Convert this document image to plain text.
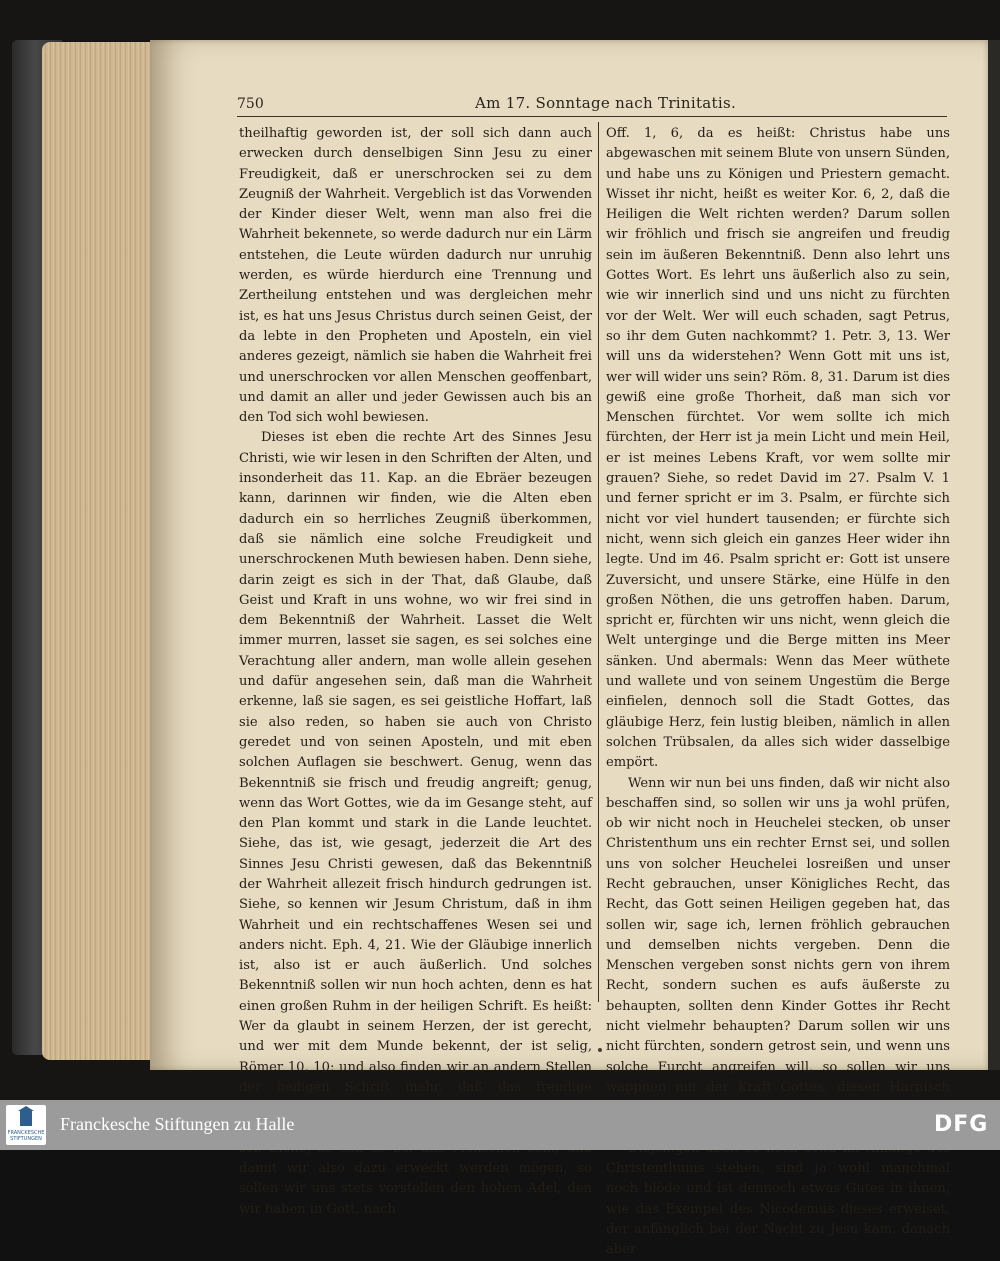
750	Am 17. Sonntage nach Trinitatis.

theilhaftig geworden ist, der soll sich dann auch erwecken durch denselbigen Sinn Jesu zu einer Freudigkeit, daß er unerschrocken sei zu dem Zeugniß der Wahrheit. Vergeblich ist das Vorwenden der Kinder dieser Welt, wenn man also frei die Wahrheit bekennete, so werde dadurch nur ein Lärm entstehen, die Leute würden dadurch nur unruhig werden, es würde hierdurch eine Trennung und Zertheilung entstehen und was dergleichen mehr ist, es hat uns Jesus Christus durch seinen Geist, der da lebte in den Propheten und Aposteln, ein viel anderes gezeigt, nämlich sie haben die Wahrheit frei und unerschrocken vor allen Menschen geoffenbart, und damit an aller und jeder Gewissen auch bis an den Tod sich wohl bewiesen.

Dieses ist eben die rechte Art des Sinnes Jesu Christi, wie wir lesen in den Schriften der Alten, und insonderheit das 11. Kap. an die Ebräer bezeugen kann, darinnen wir finden, wie die Alten eben dadurch ein so herrliches Zeugniß überkommen, daß sie nämlich eine solche Freudigkeit und unerschrockenen Muth bewiesen haben. Denn siehe, darin zeigt es sich in der That, daß Glaube, daß Geist und Kraft in uns wohne, wo wir frei sind in dem Bekenntniß der Wahrheit. Lasset die Welt immer murren, lasset sie sagen, es sei solches eine Verachtung aller andern, man wolle allein gesehen und dafür angesehen sein, daß man die Wahrheit erkenne, laß sie sagen, es sei geistliche Hoffart, laß sie also reden, so haben sie auch von Christo geredet und von seinen Aposteln, und mit eben solchen Auflagen sie beschwert. Genug, wenn das Bekenntniß sie frisch und freudig angreift; genug, wenn das Wort Gottes, wie da im Gesange steht, auf den Plan kommt und stark in die Lande leuchtet. Siehe, das ist, wie gesagt, jederzeit die Art des Sinnes Jesu Christi gewesen, daß das Bekenntniß der Wahrheit allezeit frisch hindurch gedrungen ist. Siehe, so kennen wir Jesum Christum, daß in ihm Wahrheit und ein rechtschaffenes Wesen sei und anders nicht. Eph. 4, 21. Wie der Gläubige innerlich ist, also ist er auch äußerlich. Und solches Bekenntniß sollen wir nun hoch achten, denn es hat einen großen Ruhm in der heiligen Schrift. Es heißt: Wer da glaubt in seinem Herzen, der ist gerecht, und wer mit dem Munde bekennt, der ist selig, Römer 10, 10; und also finden wir an andern Stellen der heiligen Schrift mehr, daß das freudige damit wir also dazu erweckt werden mögen, so sollen wir uns stets vorstellen den hohen Adel, den wir haben in Gott, nach

Off. 1, 6, da es heißt: Christus habe uns abgewaschen mit seinem Blute von unsern Sünden, und habe uns zu Königen und Priestern gemacht. Wisset ihr nicht, heißt es weiter Kor. 6, 2, daß die Heiligen die Welt richten werden? Darum sollen wir fröhlich und frisch sie angreifen und freudig sein im äußeren Bekenntniß. Denn also lehrt uns Gottes Wort. Es lehrt uns äußerlich also zu sein, wie wir innerlich sind und uns nicht zu fürchten vor der Welt. Wer will euch schaden, sagt Petrus, so ihr dem Guten nachkommt? 1. Petr. 3, 13. Wer will uns da widerstehen? Wenn Gott mit uns ist, wer will wider uns sein? Röm. 8, 31. Darum ist dies gewiß eine große Thorheit, daß man sich vor Menschen fürchtet. Vor wem sollte ich mich fürchten, der Herr ist ja mein Licht und mein Heil, er ist meines Lebens Kraft, vor wem sollte mir grauen? Siehe, so redet David im 27. Psalm V. 1 und ferner spricht er im 3. Psalm, er fürchte sich nicht vor viel hundert tausenden; er fürchte sich nicht, wenn sich gleich ein ganzes Heer wider ihn legte. Und im 46. Psalm spricht er: Gott ist unsere Zuversicht, und unsere Stärke, eine Hülfe in den großen Nöthen, die uns getroffen haben. Darum, spricht er, fürchten wir uns nicht, wenn gleich die Welt unterginge und die Berge mitten ins Meer sänken. Und abermals: Wenn das Meer wüthete und wallete und von seinem Ungestüm die Berge einfielen, dennoch soll die Stadt Gottes, das gläubige Herz, fein lustig bleiben, nämlich in allen solchen Trübsalen, da alles sich wider dasselbige empört.

Wenn wir nun bei uns finden, daß wir nicht also beschaffen sind, so sollen wir uns ja wohl prüfen, ob wir nicht noch in Heuchelei stecken, ob unser Christenthum uns ein rechter Ernst sei, und sollen uns von solcher Heuchelei losreißen und unser Recht gebrauchen, unser Königliches Recht, das Recht, das Gott seinen Heiligen gegeben hat, das sollen wir, sage ich, lernen fröhlich gebrauchen und demselben nichts vergeben. Denn die Menschen vergeben sonst nichts gern von ihrem Recht, sondern suchen es aufs äußerste zu behaupten, sollten denn Kinder Gottes ihr Recht nicht vielmehr behaupten? Darum sollen wir uns nicht fürchten, sondern getrost sein, und wenn uns solche Furcht angreifen will, so sollen wir uns wappnen mit der Kraft Gottes, diesen Harnisch

Christenthums stehen, sind ja wohl manchmal noch blöde und ist dennoch etwas Gutes in ihnen, wie das Exempel des Nicodemus dieses erweiset, der anfänglich bei der Nacht zu Jesu kam, danach aber

FRANCKESCHE STIFTUNGEN
Franckesche Stiftungen zu Halle	DFG
